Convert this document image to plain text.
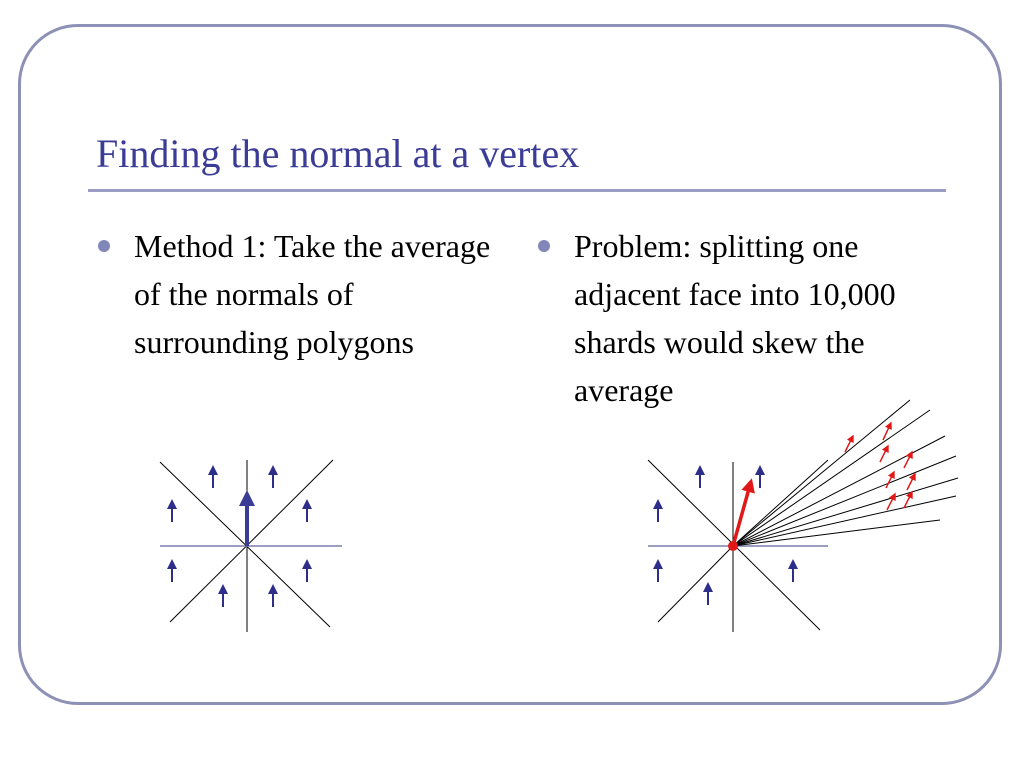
Finding the normal at a vertex
Method 1: Take the average of the normals of surrounding polygons
Problem: splitting one adjacent face into 10,000 shards would skew the average
